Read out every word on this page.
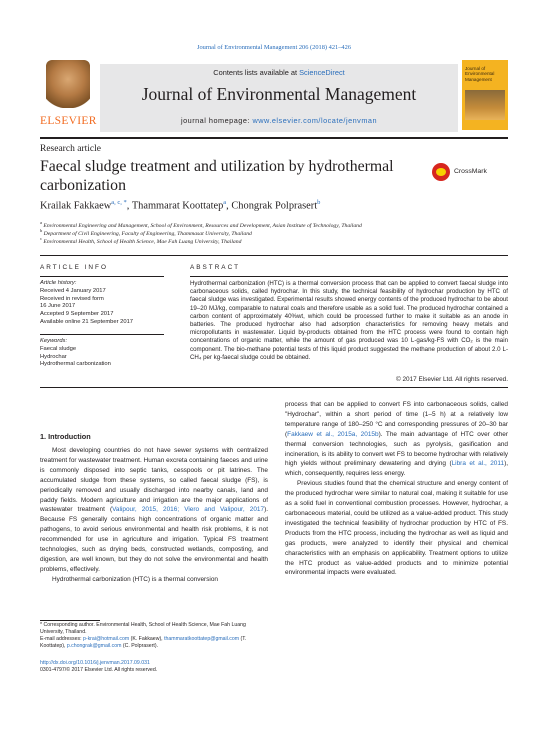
Journal of Environmental Management 206 (2018) 421–426
ELSEVIER
Contents lists available at ScienceDirect
Journal of Environmental Management
journal homepage: www.elsevier.com/locate/jenvman
Journal of Environmental Management
Research article
Faecal sludge treatment and utilization by hydrothermal carbonization
CrossMark
Krailak Fakkaew$^{a, c, *}$, Thammarat Koottatep$^a$, Chongrak Polprasert$^b$
$^a$ Environmental Engineering and Management, School of Environment, Resources and Development, Asian Institute of Technology, Thailand
$^b$ Department of Civil Engineering, Faculty of Engineering, Thammasat University, Thailand
$^c$ Environmental Health, School of Health Science, Mae Fah Luang University, Thailand
ARTICLE INFO	ABSTRACT
Article history:
Received 4 January 2017
Received in revised form
16 June 2017
Accepted 9 September 2017
Available online 21 September 2017
Keywords:
Faecal sludge
Hydrochar
Hydrothermal carbonization
Hydrothermal carbonization (HTC) is a thermal conversion process that can be applied to convert faecal sludge into carbonaceous solids, called hydrochar. In this study, the technical feasibility of hydrochar production by HTC of faecal sludge was investigated. Experimental results showed energy contents of the produced hydrochar to be about 19–20 MJ/kg, comparable to natural coals and therefore usable as a solid fuel. The produced hydrochar contained a carbon content of approximately 40%wt, which could be processed further to make it suitable as an anode in batteries. The produced hydrochar also had adsorption characteristics for removing heavy metals and micropollutants in wastewater. Liquid by-products obtained from the HTC process were found to contain high concentrations of organic matter, while the amount of gas produced was 10 L-gas/kg-FS with CO₂ is the main component. The bio-methane potential tests of this liquid product suggested the methane production of about 2.0 L-CH₄ per kg-faecal sludge could be obtained.
© 2017 Elsevier Ltd. All rights reserved.
1. Introduction

Most developing countries do not have sewer systems with centralized treatment for wastewater treatment. Human excreta containing faeces and urine is commonly disposed into septic tanks, cesspools or pit latrines. The accumulated sludge from these systems, so called faecal sludge (FS), is periodically removed and usually discharged into nearby canals, land and paddy fields. Modern agriculture and irrigation are the major applications of wastewater treatment (Valipour, 2015, 2016; Viero and Valipour, 2017). Because FS generally contains high concentrations of organic matter and pathogens, to avoid serious environmental and health risk problems, it is not recommended for use in agriculture and irrigation. Typical FS treatment technologies, such as drying beds, constructed wetlands, composting, and digestion, are well known, but they do not solve the environmental and health problems, effectively.

Hydrothermal carbonization (HTC) is a thermal conversion

process that can be applied to convert FS into carbonaceous solids, called "Hydrochar", within a short period of time (1–5 h) at a relatively low temperature range of 180–250 °C and corresponding pressures of 20–30 bar (Fakkaew et al., 2015a, 2015b). The main advantage of HTC over other thermal conversion technologies, such as pyrolysis, gasification and incineration, is its ability to convert wet FS to become hydrochar with relatively high yields without preliminary dewatering and drying (Libra et al., 2011), which, consequently, requires less energy.

Previous studies found that the chemical structure and energy content of the produced hydrochar were similar to natural coal, making it suitable for use as a solid fuel in conventional combustion processes. However, hydrochar, a carbonaceous material, could be utilized as a value-added product. This study investigated the technical feasibility of hydrochar production by HTC of FS. Products from the HTC process, including the hydrochar as well as liquid and gas products, were analyzed to identify their physical and chemical characteristics with an emphasis on applicability. Treatment options to utilize the HTC product as value-added products and to minimize potential environmental impacts were evaluated.

* Corresponding author. Environmental Health, School of Health Science, Mae Fah Luang University, Thailand.
E-mail addresses: p-krai@hotmail.com (K. Fakkaew), thammaratkoottatep@gmail.com (T. Koottatep), p.chongrak@gmail.com (C. Polprasert).
http://dx.doi.org/10.1016/j.jenvman.2017.09.031
0301-4797/© 2017 Elsevier Ltd. All rights reserved.
